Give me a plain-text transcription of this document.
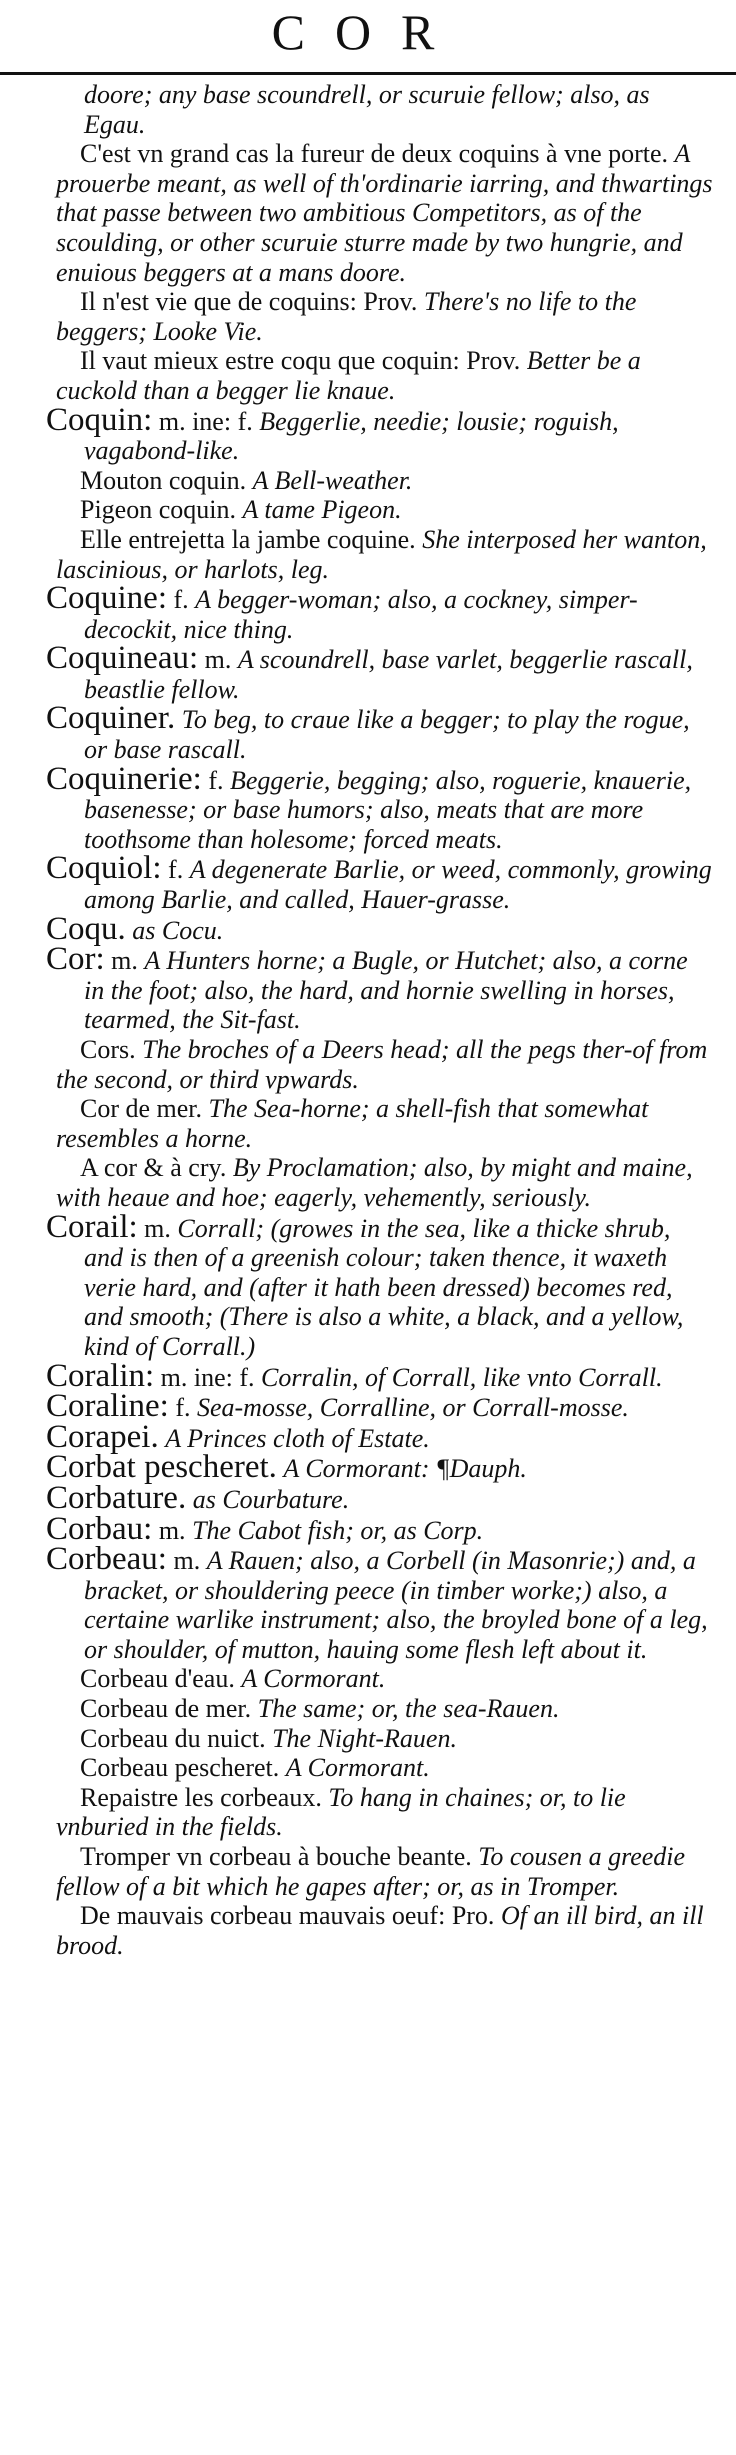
COR

doore; any base scoundrell, or scuruie fellow; also, as Egau.

C'est vn grand cas la fureur de deux coquins à vne porte. A prouerbe meant, as well of th'ordinarie iarring, and thwartings that passe between two ambitious Competitors, as of the scoulding, or other scuruie sturre made by two hungrie, and enuious beggers at a mans doore.

Il n'est vie que de coquins: Prov. There's no life to the beggers; Looke Vie.

Il vaut mieux estre coqu que coquin: Prov. Better be a cuckold than a begger lie knaue.

Coquin: m. ine: f. Beggerlie, needie; lousie; roguish, vagabond-like.

Mouton coquin. A Bell-weather.

Pigeon coquin. A tame Pigeon.

Elle entrejetta la jambe coquine. She interposed her wanton, lascinious, or harlots, leg.

Coquine: f. A begger-woman; also, a cockney, simper-decockit, nice thing.

Coquineau: m. A scoundrell, base varlet, beggerlie rascall, beastlie fellow.

Coquiner. To beg, to craue like a begger; to play the rogue, or base rascall.

Coquinerie: f. Beggerie, begging; also, roguerie, knauerie, basenesse; or base humors; also, meats that are more toothsome than holesome; forced meats.

Coquiol: f. A degenerate Barlie, or weed, commonly, growing among Barlie, and called, Hauer-grasse.

Coqu. as Cocu.

Cor: m. A Hunters horne; a Bugle, or Hutchet; also, a corne in the foot; also, the hard, and hornie swelling in horses, tearmed, the Sit-fast.

Cors. The broches of a Deers head; all the pegs ther-of from the second, or third vpwards.

Cor de mer. The Sea-horne; a shell-fish that somewhat resembles a horne.

A cor & à cry. By Proclamation; also, by might and maine, with heaue and hoe; eagerly, vehemently, seriously.

Corail: m. Corrall; (growes in the sea, like a thicke shrub, and is then of a greenish colour; taken thence, it waxeth verie hard, and (after it hath been dressed) becomes red, and smooth; (There is also a white, a black, and a yellow, kind of Corrall.)

Coralin: m. ine: f. Corralin, of Corrall, like vnto Corrall.

Coraline: f. Sea-mosse, Corralline, or Corrall-mosse.

Corapei. A Princes cloth of Estate.

Corbat pescheret. A Cormorant: ¶Dauph.

Corbature. as Courbature.

Corbau: m. The Cabot fish; or, as Corp.

Corbeau: m. A Rauen; also, a Corbell (in Masonrie;) and, a bracket, or shouldering peece (in timber worke;) also, a certaine warlike instrument; also, the broyled bone of a leg, or shoulder, of mutton, hauing some flesh left about it.

Corbeau d'eau. A Cormorant.

Corbeau de mer. The same; or, the sea-Rauen.

Corbeau du nuict. The Night-Rauen.

Corbeau pescheret. A Cormorant.

Repaistre les corbeaux. To hang in chaines; or, to lie vnburied in the fields.

Tromper vn corbeau à bouche beante. To cousen a greedie fellow of a bit which he gapes after; or, as in Tromper.

De mauvais corbeau mauvais oeuf: Pro. Of an ill bird, an ill brood.
